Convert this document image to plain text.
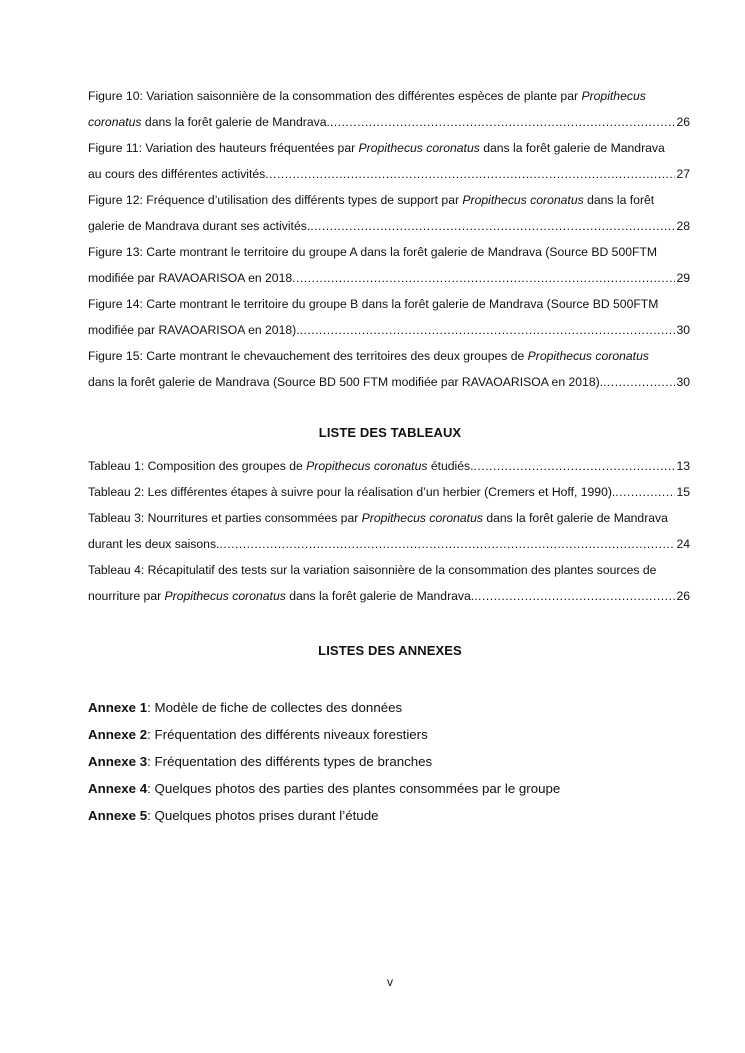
Figure 10: Variation saisonnière de la consommation des différentes espèces de plante par Propithecus
coronatus dans la forêt galerie de Mandrava. .....	26
Figure 11: Variation des hauteurs fréquentées par Propithecus coronatus dans la forêt galerie de Mandrava
au cours des différentes activités .....	27
Figure 12: Fréquence d’utilisation des différents types de support par Propithecus coronatus dans la forêt
galerie de Mandrava durant ses activités. .....	28
Figure 13: Carte montrant le territoire du groupe A dans la forêt galerie de Mandrava (Source BD 500FTM
modifiée par RAVAOARISOA en 2018 .....	29
Figure 14: Carte montrant le territoire du groupe B dans la forêt galerie de Mandrava (Source BD 500FTM
modifiée par RAVAOARISOA en 2018). .....	30
Figure 15: Carte montrant le chevauchement des territoires des deux groupes de Propithecus coronatus
dans la forêt galerie de Mandrava (Source BD 500 FTM modifiée par RAVAOARISOA en 2018). .....	30
LISTE DES TABLEAUX
Tableau 1: Composition des groupes de Propithecus coronatus étudiés. .....	13
Tableau 2: Les différentes étapes à suivre pour la réalisation d’un herbier (Cremers et Hoff, 1990). .....	15
Tableau 3: Nourritures et parties consommées par Propithecus coronatus dans la forêt galerie de Mandrava
durant les deux saisons. .....	24
Tableau 4: Récapitulatif des tests sur la variation saisonnière de la consommation des plantes sources de
nourriture par Propithecus coronatus dans la forêt galerie de Mandrava. .....	26
LISTES DES ANNEXES
Annexe 1: Modèle de fiche de collectes des données
Annexe 2: Fréquentation des différents niveaux forestiers
Annexe 3: Fréquentation des différents types de branches
Annexe 4: Quelques photos des parties des plantes consommées par le groupe
Annexe 5: Quelques photos prises durant l’étude
v
